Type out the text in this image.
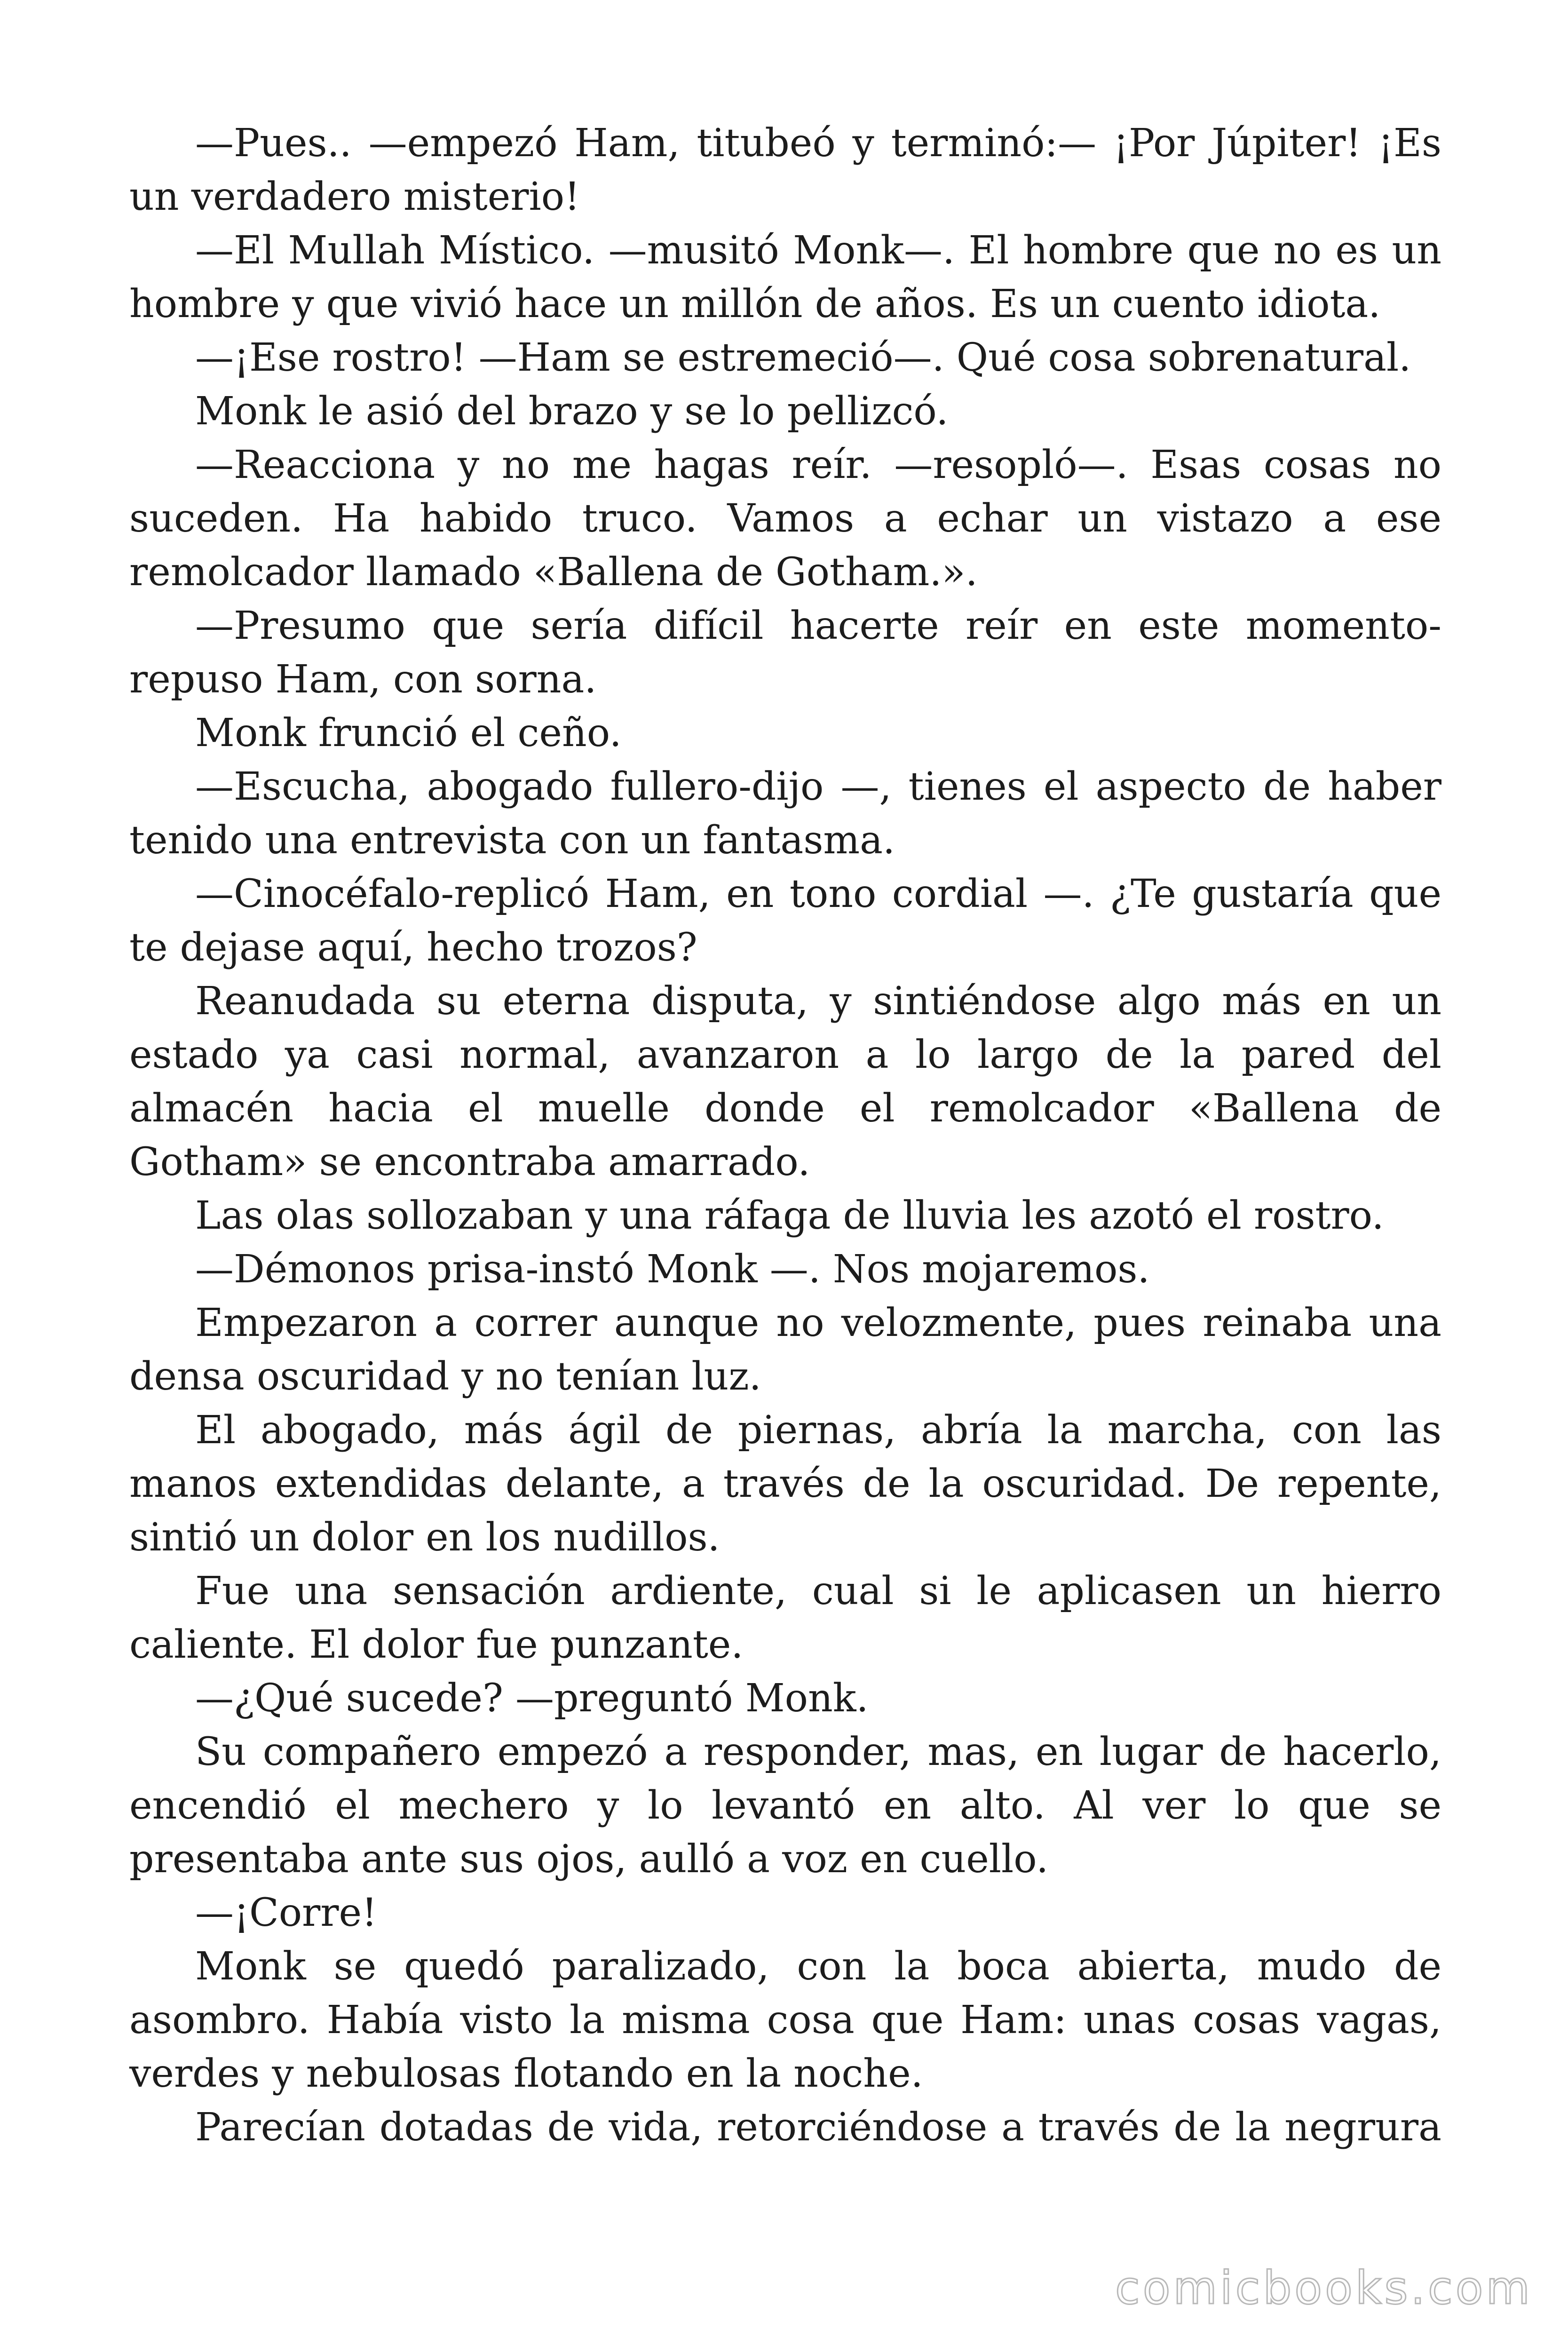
—Pues.. —empezó Ham, titubeó y terminó:— ¡Por Júpiter! ¡Es un verdadero misterio!

—El Mullah Místico. —musitó Monk—. El hombre que no es un hombre y que vivió hace un millón de años. Es un cuento idiota.

—¡Ese rostro! —Ham se estremeció—. Qué cosa sobrenatural.

Monk le asió del brazo y se lo pellizcó.

—Reacciona y no me hagas reír. —resopló—. Esas cosas no suceden. Ha habido truco. Vamos a echar un vistazo a ese remolcador llamado «Ballena de Gotham.».

—Presumo que sería difícil hacerte reír en este momento-repuso Ham, con sorna.

Monk frunció el ceño.

—Escucha, abogado fullero-dijo —, tienes el aspecto de haber tenido una entrevista con un fantasma.

—Cinocéfalo-replicó Ham, en tono cordial —. ¿Te gustaría que te dejase aquí, hecho trozos?

Reanudada su eterna disputa, y sintiéndose algo más en un estado ya casi normal, avanzaron a lo largo de la pared del almacén hacia el muelle donde el remolcador «Ballena de Gotham» se encontraba amarrado.

Las olas sollozaban y una ráfaga de lluvia les azotó el rostro.

—Démonos prisa-instó Monk —. Nos mojaremos.

Empezaron a correr aunque no velozmente, pues reinaba una densa oscuridad y no tenían luz.

El abogado, más ágil de piernas, abría la marcha, con las manos extendidas delante, a través de la oscuridad. De repente, sintió un dolor en los nudillos.

Fue una sensación ardiente, cual si le aplicasen un hierro caliente. El dolor fue punzante.

—¿Qué sucede? —preguntó Monk.

Su compañero empezó a responder, mas, en lugar de hacerlo, encendió el mechero y lo levantó en alto. Al ver lo que se presentaba ante sus ojos, aulló a voz en cuello.

—¡Corre!

Monk se quedó paralizado, con la boca abierta, mudo de asombro. Había visto la misma cosa que Ham: unas cosas vagas, verdes y nebulosas flotando en la noche.

Parecían dotadas de vida, retorciéndose a través de la negrura

comicbooks.com
